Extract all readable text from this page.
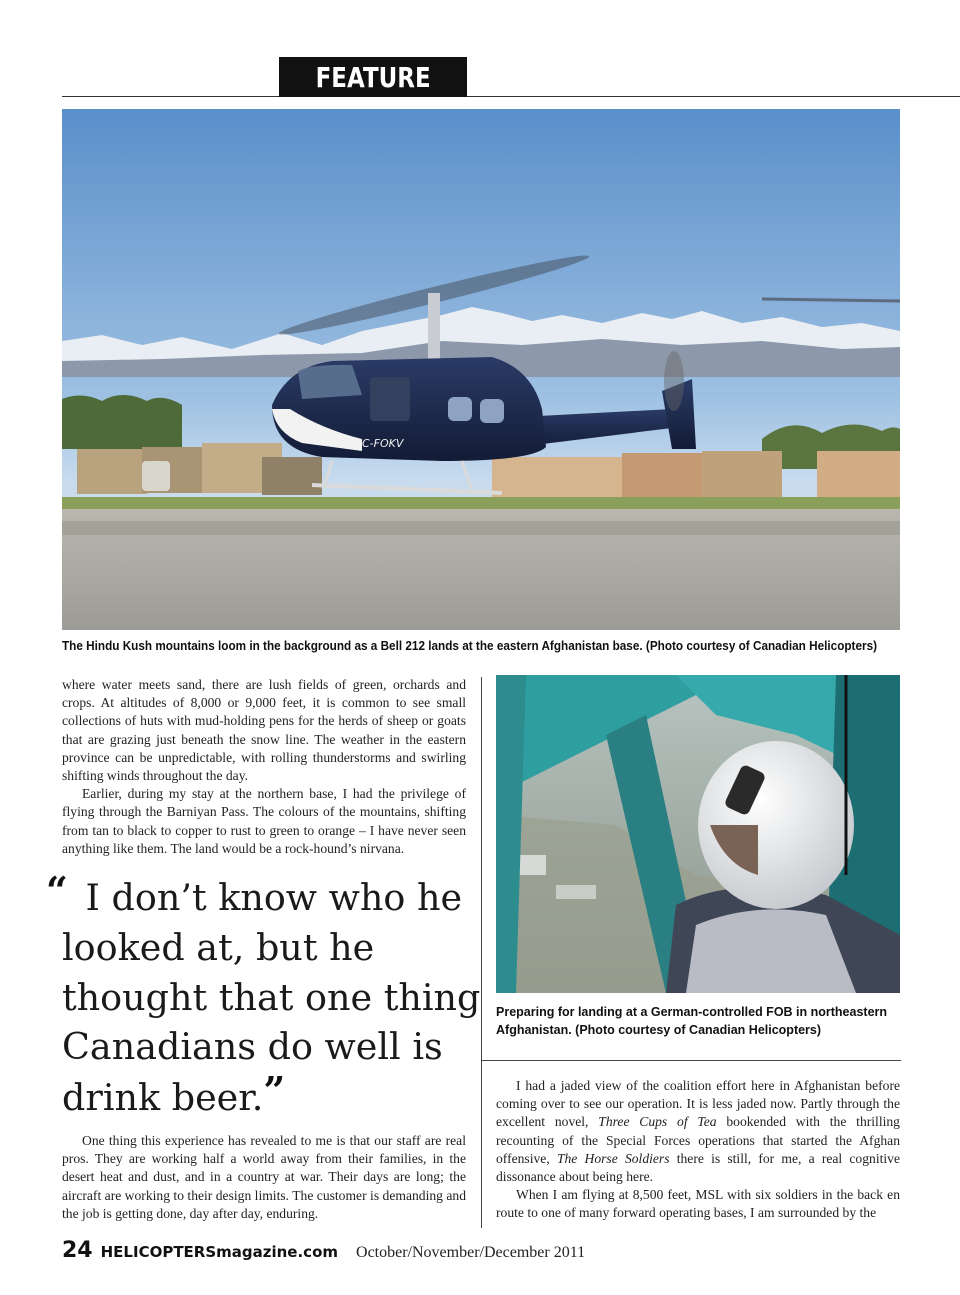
FEATURE
C-FOKV
The Hindu Kush mountains loom in the background as a Bell 212 lands at the eastern Afghanistan base. (Photo courtesy of Canadian Helicopters)

where water meets sand, there are lush fields of green, orchards and crops. At altitudes of 8,000 or 9,000 feet, it is common to see small collections of huts with mud-holding pens for the herds of sheep or goats that are grazing just beneath the snow line. The weather in the eastern province can be unpredictable, with rolling thunderstorms and swirling shifting winds throughout the day.

Earlier, during my stay at the northern base, I had the privilege of flying through the Barniyan Pass. The colours of the mountains, shifting from tan to black to copper to rust to green to orange – I have never seen anything like them. The land would be a rock-hound’s nirvana.

“ I don’t know who he looked at, but he thought that one thing Canadians do well is drink beer.”

One thing this experience has revealed to me is that our staff are real pros. They are working half a world away from their families, in the desert heat and dust, and in a country at war. Their days are long; the aircraft are working to their design limits. The customer is demanding and the job is getting done, day after day, enduring.

Preparing for landing at a German-controlled FOB in northeastern Afghanistan. (Photo courtesy of Canadian Helicopters)

I had a jaded view of the coalition effort here in Afghanistan before coming over to see our operation. It is less jaded now. Partly through the excellent novel, Three Cups of Tea bookended with the thrilling recounting of the Special Forces operations that started the Afghan offensive, The Horse Soldiers there is still, for me, a real cognitive dissonance about being here.

When I am flying at 8,500 feet, MSL with six soldiers in the back en route to one of many forward operating bases, I am surrounded by the

24 HELICOPTERSmagazine.com October/November/December 2011
